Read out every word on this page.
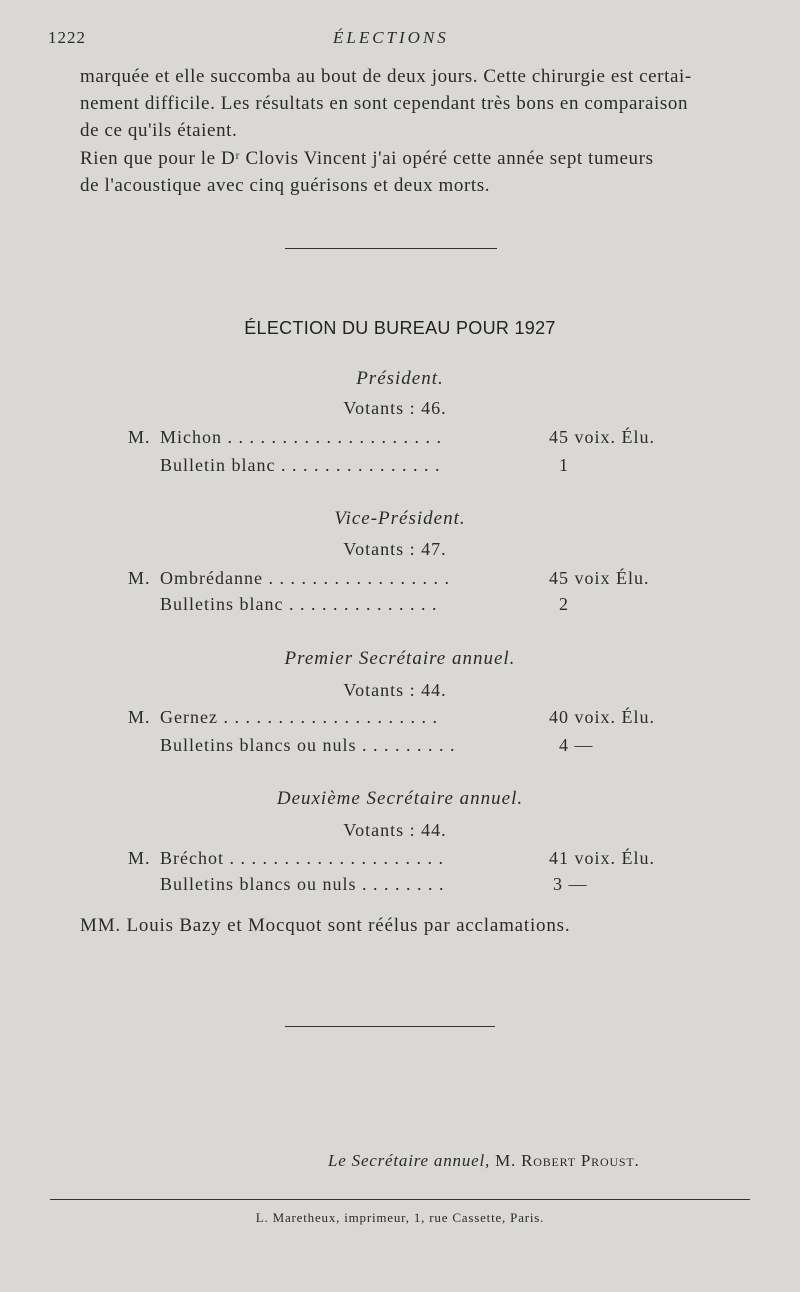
1222	ÉLECTIONS
marquée et elle succomba au bout de deux jours. Cette chirurgie est certai-
nement difficile. Les résultats en sont cependant très bons en comparaison
de ce qu'ils étaient.
Rien que pour le Dʳ Clovis Vincent j'ai opéré cette année sept tumeurs
de l'acoustique avec cinq guérisons et deux morts.
ÉLECTION DU BUREAU POUR 1927
Président.
Votants : 46.
M. Michon . . . . . . . . . . . . . . . . . . . .	45 voix. Élu.
Bulletin blanc . . . . . . . . . . . . . . .	1
Vice-Président.
Votants : 47.
M. Ombrédanne . . . . . . . . . . . . . . . . .	45 voix Élu.
Bulletins blanc . . . . . . . . . . . . . .	2
Premier Secrétaire annuel.
Votants : 44.
M. Gernez . . . . . . . . . . . . . . . . . . . .	40 voix. Élu.
Bulletins blancs ou nuls . . . . . . . . .	4 —
Deuxième Secrétaire annuel.
Votants : 44.
M. Bréchot . . . . . . . . . . . . . . . . . . . .	41 voix. Élu.
Bulletins blancs ou nuls . . . . . . . .	3 —
MM. Louis Bazy et Mocquot sont réélus par acclamations.
Le Secrétaire annuel, M. Robert Proust.
L. Maretheux, imprimeur, 1, rue Cassette, Paris.
